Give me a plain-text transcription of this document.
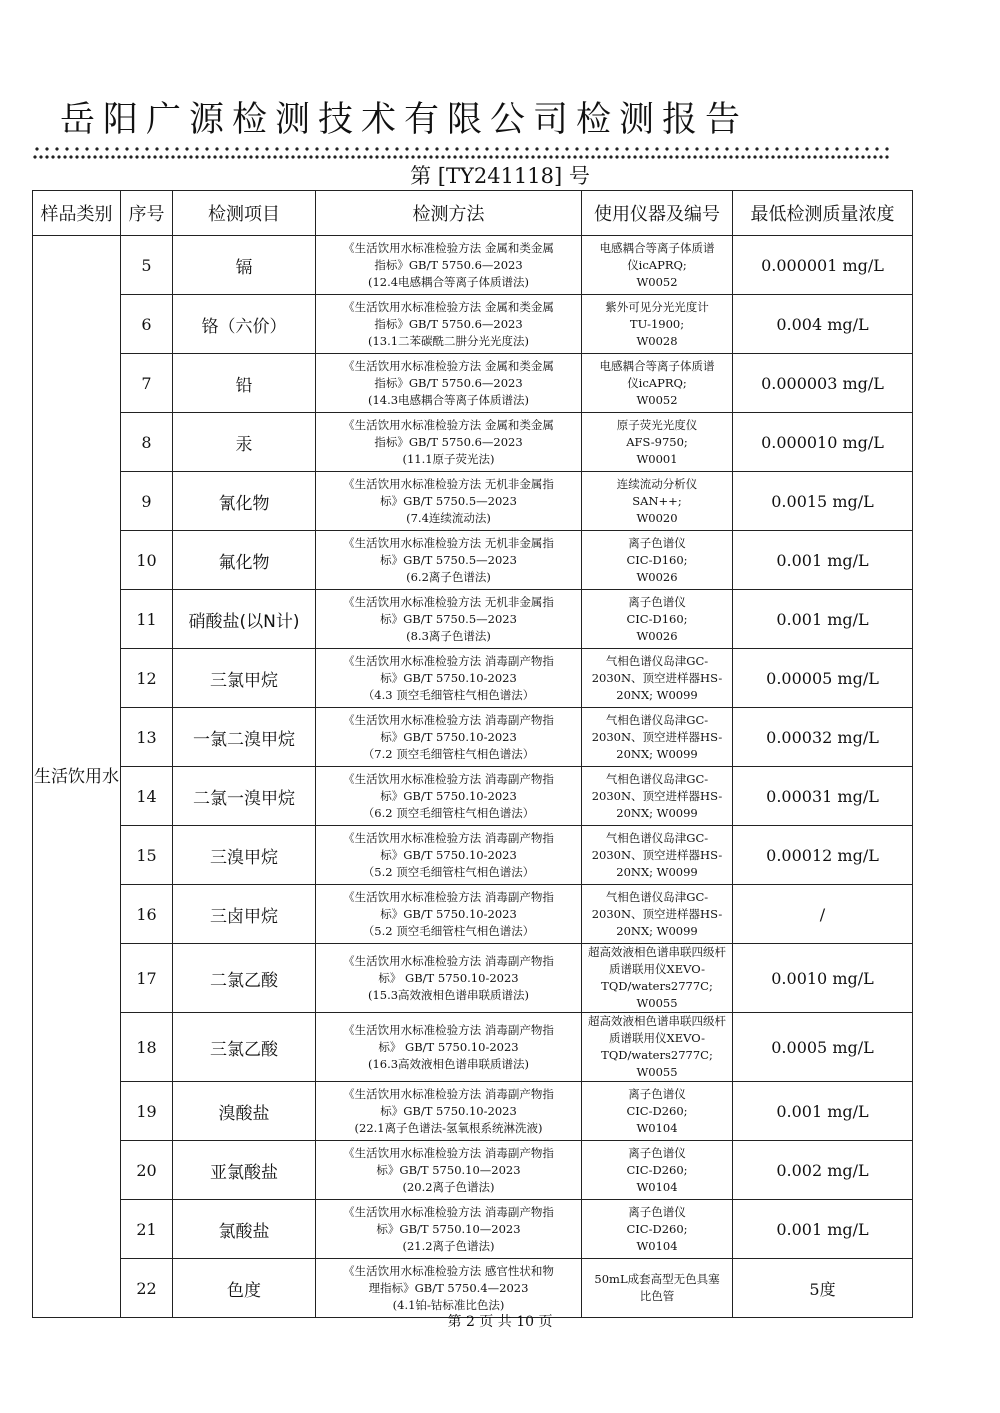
岳阳广源检测技术有限公司检测报告
第 [TY241118] 号
样品类别	序号	检测项目	检测方法	使用仪器及编号	最低检测质量浓度
生活饮用水	5	镉	《生活饮用水标准检验方法 金属和类金属
指标》GB/T 5750.6—2023
(12.4电感耦合等离子体质谱法)	电感耦合等离子体质谱
仪icAPRQ;
W0052	0.000001 mg/L
	6	铬（六价）	《生活饮用水标准检验方法 金属和类金属
指标》GB/T 5750.6—2023
(13.1二苯碳酰二肼分光光度法)	紫外可见分光光度计
TU-1900;
W0028	0.004 mg/L
	7	铅	《生活饮用水标准检验方法 金属和类金属
指标》GB/T 5750.6—2023
(14.3电感耦合等离子体质谱法)	电感耦合等离子体质谱
仪icAPRQ;
W0052	0.000003 mg/L
	8	汞	《生活饮用水标准检验方法 金属和类金属
指标》GB/T 5750.6—2023
(11.1原子荧光法)	原子荧光光度仪
AFS-9750;
W0001	0.000010 mg/L
	9	氰化物	《生活饮用水标准检验方法 无机非金属指
标》GB/T 5750.5—2023
(7.4连续流动法)	连续流动分析仪
SAN++;
W0020	0.0015 mg/L
	10	氟化物	《生活饮用水标准检验方法 无机非金属指
标》GB/T 5750.5—2023
(6.2离子色谱法)	离子色谱仪
CIC-D160;
W0026	0.001 mg/L
	11	硝酸盐(以N计)	《生活饮用水标准检验方法 无机非金属指
标》GB/T 5750.5—2023
(8.3离子色谱法)	离子色谱仪
CIC-D160;
W0026	0.001 mg/L
	12	三氯甲烷	《生活饮用水标准检验方法 消毒副产物指
标》GB/T 5750.10-2023
（4.3 顶空毛细管柱气相色谱法）	气相色谱仪岛津GC-
2030N、顶空进样器HS-
20NX; W0099	0.00005 mg/L
	13	一氯二溴甲烷	《生活饮用水标准检验方法 消毒副产物指
标》GB/T 5750.10-2023
（7.2 顶空毛细管柱气相色谱法）	气相色谱仪岛津GC-
2030N、顶空进样器HS-
20NX; W0099	0.00032 mg/L
	14	二氯一溴甲烷	《生活饮用水标准检验方法 消毒副产物指
标》GB/T 5750.10-2023
（6.2 顶空毛细管柱气相色谱法）	气相色谱仪岛津GC-
2030N、顶空进样器HS-
20NX; W0099	0.00031 mg/L
	15	三溴甲烷	《生活饮用水标准检验方法 消毒副产物指
标》GB/T 5750.10-2023
（5.2 顶空毛细管柱气相色谱法）	气相色谱仪岛津GC-
2030N、顶空进样器HS-
20NX; W0099	0.00012 mg/L
	16	三卤甲烷	《生活饮用水标准检验方法 消毒副产物指
标》GB/T 5750.10-2023
（5.2 顶空毛细管柱气相色谱法）	气相色谱仪岛津GC-
2030N、顶空进样器HS-
20NX; W0099	/
	17	二氯乙酸	《生活饮用水标准检验方法 消毒副产物指
标》 GB/T 5750.10-2023
(15.3高效液相色谱串联质谱法)	超高效液相色谱串联四级杆
质谱联用仪XEVO-
TQD/waters2777C; W0055	0.0010 mg/L
	18	三氯乙酸	《生活饮用水标准检验方法 消毒副产物指
标》 GB/T 5750.10-2023
(16.3高效液相色谱串联质谱法)	超高效液相色谱串联四级杆
质谱联用仪XEVO-
TQD/waters2777C; W0055	0.0005 mg/L
	19	溴酸盐	《生活饮用水标准检验方法 消毒副产物指
标》GB/T 5750.10-2023
(22.1离子色谱法-氢氧根系统淋洗液)	离子色谱仪
CIC-D260;
W0104	0.001 mg/L
	20	亚氯酸盐	《生活饮用水标准检验方法 消毒副产物指
标》GB/T 5750.10—2023
(20.2离子色谱法)	离子色谱仪
CIC-D260;
W0104	0.002 mg/L
	21	氯酸盐	《生活饮用水标准检验方法 消毒副产物指
标》GB/T 5750.10—2023
(21.2离子色谱法)	离子色谱仪
CIC-D260;
W0104	0.001 mg/L
	22	色度	《生活饮用水标准检验方法 感官性状和物
理指标》GB/T 5750.4—2023
(4.1铂-钴标准比色法)	50mL成套高型无色具塞
比色管	5度
第 2 页 共 10 页
